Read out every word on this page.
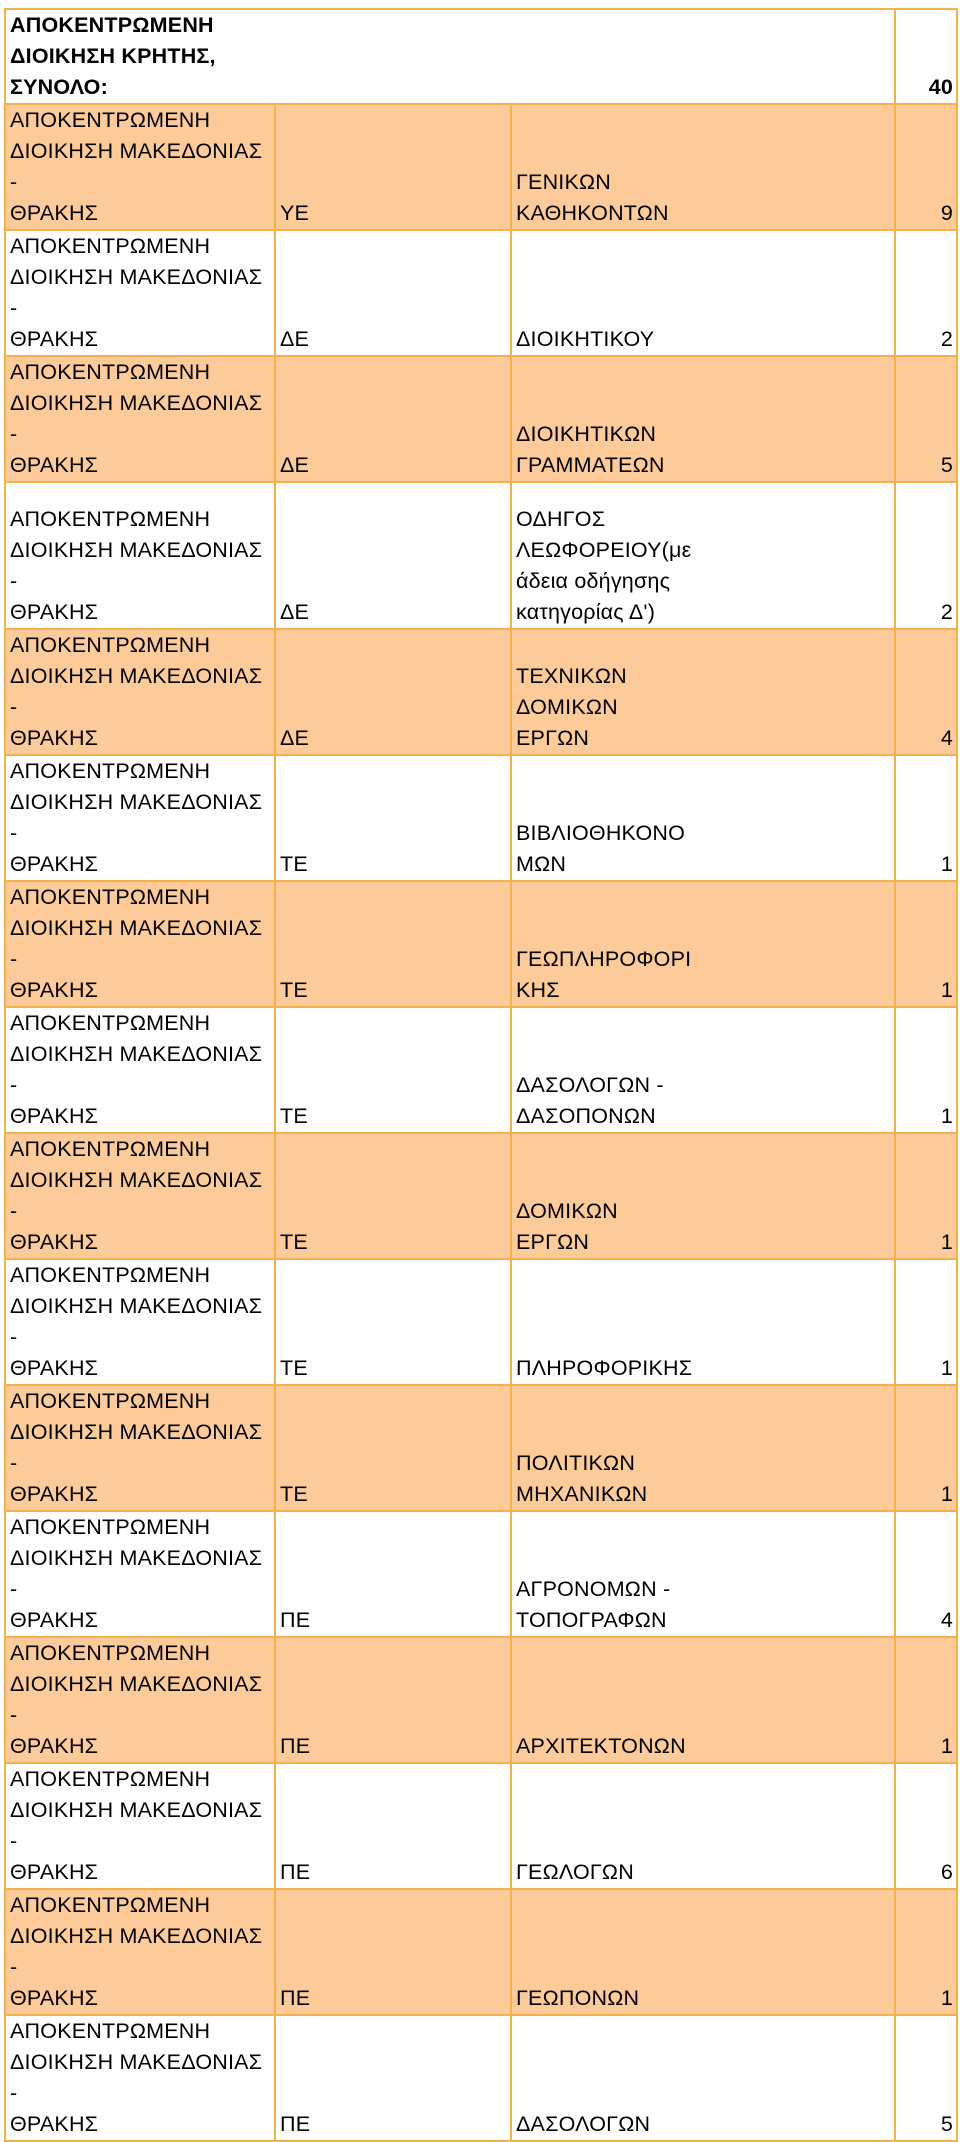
ΑΠΟΚΕΝΤΡΩΜΕΝΗ
ΔΙΟΙΚΗΣΗ ΚΡΗΤΗΣ,
ΣΥΝΟΛΟ:			40
ΑΠΟΚΕΝΤΡΩΜΕΝΗ
ΔΙΟΙΚΗΣΗ ΜΑΚΕΔΟΝΙΑΣ -
ΘΡΑΚΗΣ	ΥΕ	ΓΕΝΙΚΩΝ
ΚΑΘΗΚΟΝΤΩΝ	9
ΑΠΟΚΕΝΤΡΩΜΕΝΗ
ΔΙΟΙΚΗΣΗ ΜΑΚΕΔΟΝΙΑΣ -
ΘΡΑΚΗΣ	ΔΕ	ΔΙΟΙΚΗΤΙΚΟΥ	2
ΑΠΟΚΕΝΤΡΩΜΕΝΗ
ΔΙΟΙΚΗΣΗ ΜΑΚΕΔΟΝΙΑΣ -
ΘΡΑΚΗΣ	ΔΕ	ΔΙΟΙΚΗΤΙΚΩΝ
ΓΡΑΜΜΑΤΕΩΝ	5
ΑΠΟΚΕΝΤΡΩΜΕΝΗ
ΔΙΟΙΚΗΣΗ ΜΑΚΕΔΟΝΙΑΣ -
ΘΡΑΚΗΣ	ΔΕ	ΟΔΗΓΟΣ
ΛΕΩΦΟΡΕΙΟΥ(με
άδεια οδήγησης
κατηγορίας Δ')	2
ΑΠΟΚΕΝΤΡΩΜΕΝΗ
ΔΙΟΙΚΗΣΗ ΜΑΚΕΔΟΝΙΑΣ -
ΘΡΑΚΗΣ	ΔΕ	ΤΕΧΝΙΚΩΝ
ΔΟΜΙΚΩΝ
ΕΡΓΩΝ	4
ΑΠΟΚΕΝΤΡΩΜΕΝΗ
ΔΙΟΙΚΗΣΗ ΜΑΚΕΔΟΝΙΑΣ -
ΘΡΑΚΗΣ	ΤΕ	ΒΙΒΛΙΟΘΗΚΟΝΟ
ΜΩΝ	1
ΑΠΟΚΕΝΤΡΩΜΕΝΗ
ΔΙΟΙΚΗΣΗ ΜΑΚΕΔΟΝΙΑΣ -
ΘΡΑΚΗΣ	ΤΕ	ΓΕΩΠΛΗΡΟΦΟΡΙ
ΚΗΣ	1
ΑΠΟΚΕΝΤΡΩΜΕΝΗ
ΔΙΟΙΚΗΣΗ ΜΑΚΕΔΟΝΙΑΣ -
ΘΡΑΚΗΣ	ΤΕ	ΔΑΣΟΛΟΓΩΝ -
ΔΑΣΟΠΟΝΩΝ	1
ΑΠΟΚΕΝΤΡΩΜΕΝΗ
ΔΙΟΙΚΗΣΗ ΜΑΚΕΔΟΝΙΑΣ -
ΘΡΑΚΗΣ	ΤΕ	ΔΟΜΙΚΩΝ
ΕΡΓΩΝ	1
ΑΠΟΚΕΝΤΡΩΜΕΝΗ
ΔΙΟΙΚΗΣΗ ΜΑΚΕΔΟΝΙΑΣ -
ΘΡΑΚΗΣ	ΤΕ	ΠΛΗΡΟΦΟΡΙΚΗΣ	1
ΑΠΟΚΕΝΤΡΩΜΕΝΗ
ΔΙΟΙΚΗΣΗ ΜΑΚΕΔΟΝΙΑΣ -
ΘΡΑΚΗΣ	ΤΕ	ΠΟΛΙΤΙΚΩΝ
ΜΗΧΑΝΙΚΩΝ	1
ΑΠΟΚΕΝΤΡΩΜΕΝΗ
ΔΙΟΙΚΗΣΗ ΜΑΚΕΔΟΝΙΑΣ -
ΘΡΑΚΗΣ	ΠΕ	ΑΓΡΟΝΟΜΩΝ -
ΤΟΠΟΓΡΑΦΩΝ	4
ΑΠΟΚΕΝΤΡΩΜΕΝΗ
ΔΙΟΙΚΗΣΗ ΜΑΚΕΔΟΝΙΑΣ -
ΘΡΑΚΗΣ	ΠΕ	ΑΡΧΙΤΕΚΤΟΝΩΝ	1
ΑΠΟΚΕΝΤΡΩΜΕΝΗ
ΔΙΟΙΚΗΣΗ ΜΑΚΕΔΟΝΙΑΣ -
ΘΡΑΚΗΣ	ΠΕ	ΓΕΩΛΟΓΩΝ	6
ΑΠΟΚΕΝΤΡΩΜΕΝΗ
ΔΙΟΙΚΗΣΗ ΜΑΚΕΔΟΝΙΑΣ -
ΘΡΑΚΗΣ	ΠΕ	ΓΕΩΠΟΝΩΝ	1
ΑΠΟΚΕΝΤΡΩΜΕΝΗ
ΔΙΟΙΚΗΣΗ ΜΑΚΕΔΟΝΙΑΣ -
ΘΡΑΚΗΣ	ΠΕ	ΔΑΣΟΛΟΓΩΝ	5
